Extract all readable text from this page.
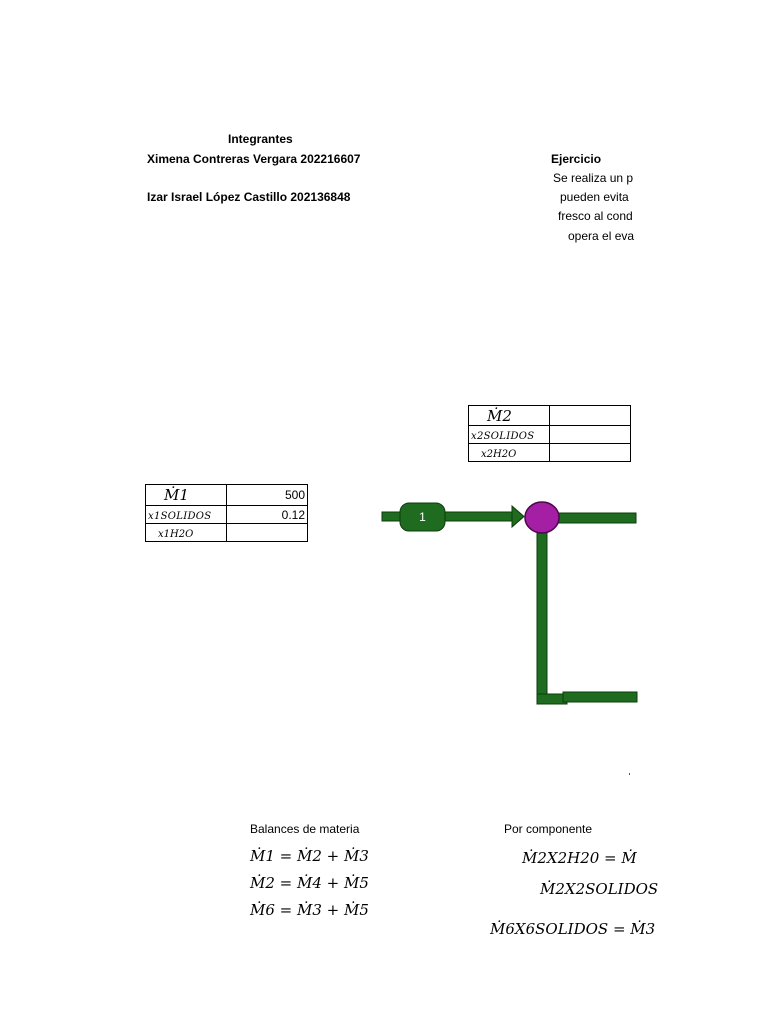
Integrantes
Ximena Contreras Vergara 202216607
Izar Israel López Castillo 202136848
Ejercicio
Se realiza un p
pueden evita
fresco al cond
opera el eva
Ṁ2	
x2SOLIDOS	
x2H2O	
Ṁ1	500
x1SOLIDOS	0.12
x1H2O	
1
Balances de materia
Ṁ1 = Ṁ2 + Ṁ3
Ṁ2 = Ṁ4 + Ṁ5
Ṁ6 = Ṁ3 + Ṁ5
Por componente
Ṁ2X2H20 = Ṁ
Ṁ2X2SOLIDOS
Ṁ6X6SOLIDOS = Ṁ3
